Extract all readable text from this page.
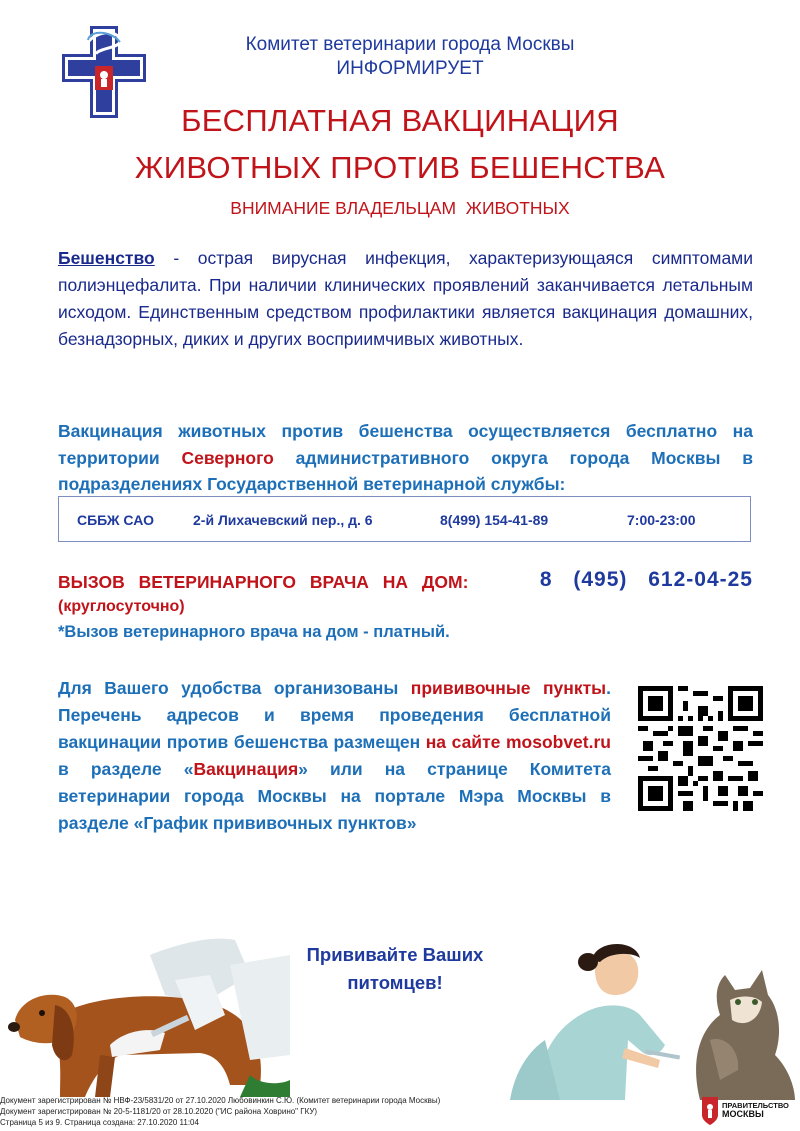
Комитет ветеринарии города Москвы
ИНФОРМИРУЕТ
БЕСПЛАТНАЯ ВАКЦИНАЦИЯ
ЖИВОТНЫХ ПРОТИВ БЕШЕНСТВА
ВНИМАНИЕ ВЛАДЕЛЬЦАМ  ЖИВОТНЫХ
Бешенство - острая вирусная инфекция, характеризующаяся симптомами полиэнцефалита. При наличии клинических проявлений заканчивается летальным исходом. Единственным средством профилактики является вакцинация домашних, безнадзорных, диких и других восприимчивых животных.
Вакцинация животных против бешенства осуществляется бесплатно на территории Северного административного округа города Москвы в подразделениях Государственной ветеринарной службы:
СББЖ САО	2-й Лихачевский пер., д. 6	8(499) 154-41-89	7:00-23:00
ВЫЗОВ ВЕТЕРИНАРНОГО ВРАЧА НА ДОМ:	8 (495) 612-04-25
(круглосуточно)
*Вызов ветеринарного врача на дом - платный.
Для Вашего удобства организованы прививочные пункты. Перечень адресов и время проведения бесплатной вакцинации против бешенства размещен на сайте mosobvet.ru в разделе «Вакцинация» или на странице Комитета ветеринарии города Москвы на портале Мэра Москвы в разделе «График прививочных пунктов»
Прививайте Ваших
питомцев!
Документ зарегистрирован № НВФ-23/5831/20 от 27.10.2020 Любовинкин С.Ю. (Комитет ветеринарии города Москвы)
Документ зарегистрирован № 20-5-1181/20 от 28.10.2020 ("ИС района Ховрино" ГКУ)
Страница 5 из 9. Страница создана: 27.10.2020 11:04
ПРАВИТЕЛЬСТВО
МОСКВЫ
